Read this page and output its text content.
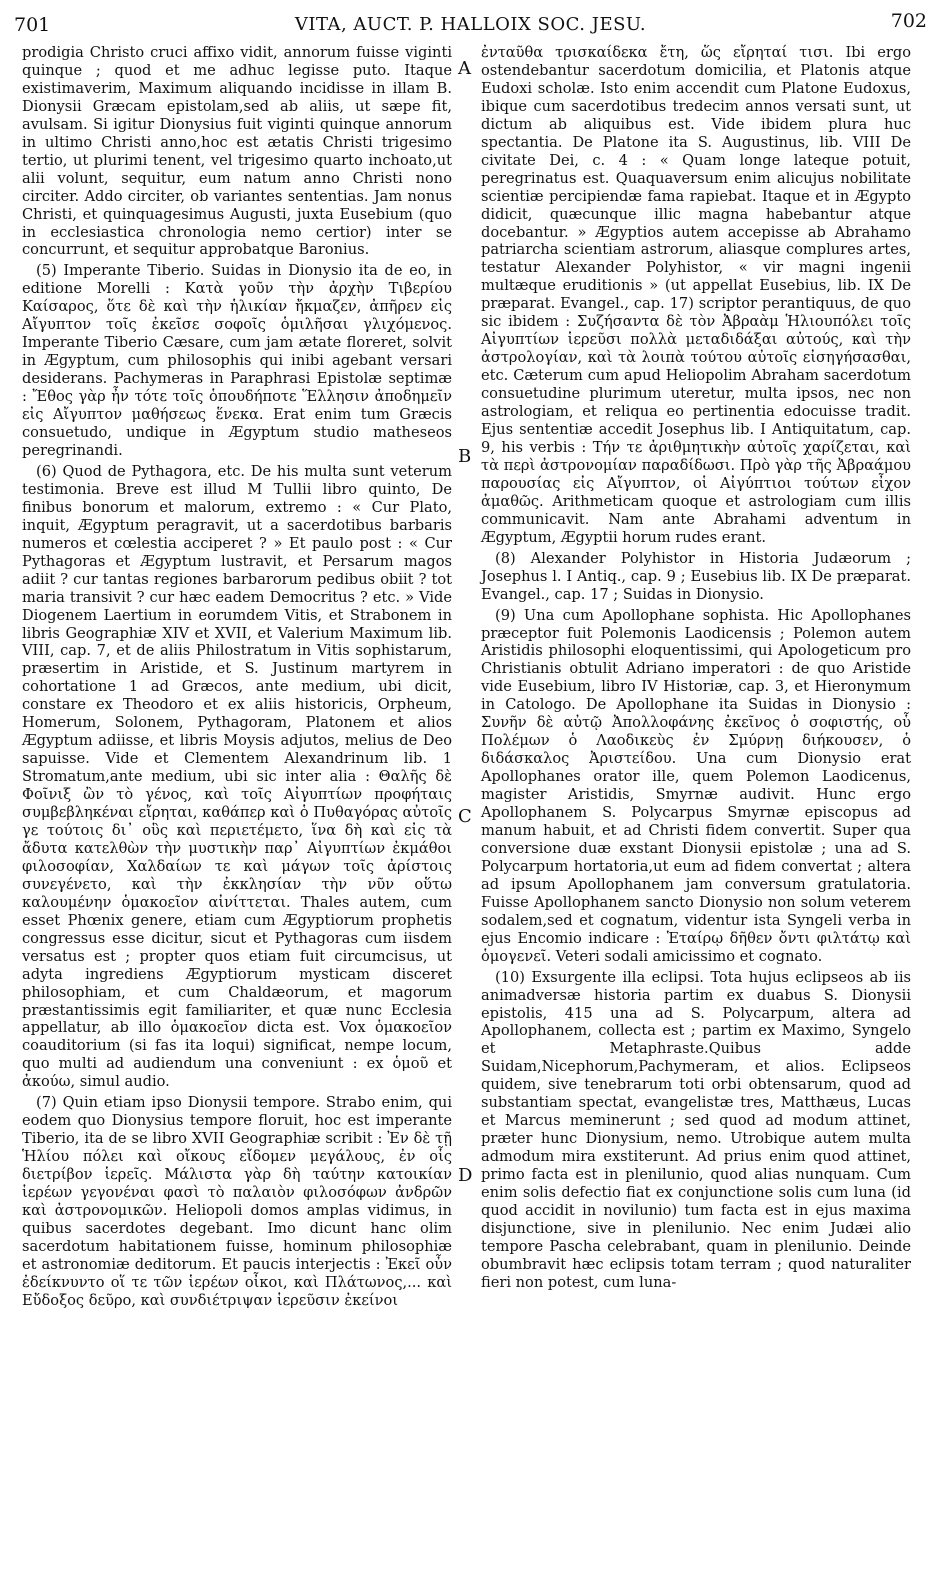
701	VITA, AUCT. P. HALLOIX SOC. JESU.	702

prodigia Christo cruci affixo vidit, annorum fuisse viginti quinque ; quod et me adhuc legisse puto. Itaque existimaverim, Maximum aliquando incidisse in illam B. Dionysii Græcam epistolam,sed ab aliis, ut sæpe fit, avulsam. Si igitur Dionysius fuit viginti quinque annorum in ultimo Christi anno,hoc est ætatis Christi trigesimo tertio, ut plurimi tenent, vel trigesimo quarto inchoato,ut alii volunt, sequitur, eum natum anno Christi nono circiter. Addo circiter, ob variantes sententias. Jam nonus Christi, et quinquagesimus Augusti, juxta Eusebium (quo in ecclesiastica chronologia nemo certior) inter se concurrunt, et sequitur approbatque Baronius.

(5) Imperante Tiberio. Suidas in Dionysio ita de eo, in editione Morelli : Κατὰ γοῦν τὴν ἀρχὴν Τιβερίου Καίσαρος, ὅτε δὲ καὶ τὴν ἡλικίαν ἤκμαζεν, ἀπῆρεν εἰς Αἴγυπτον τοῖς ἐκεῖσε σοφοῖς ὁμιλῆσαι γλιχόμενος. Imperante Tiberio Cæsare, cum jam ætate floreret, solvit in Ægyptum, cum philosophis qui inibi agebant versari desiderans. Pachymeras in Paraphrasi Epistolæ septimæ : Ἔθος γὰρ ἦν τότε τοῖς ὁπουδήποτε Ἕλλησιν ἀποδημεῖν εἰς Αἴγυπτον μαθήσεως ἕνεκα. Erat enim tum Græcis consuetudo, undique in Ægyptum studio matheseos peregrinandi.

(6) Quod de Pythagora, etc. De his multa sunt veterum testimonia. Breve est illud M Tullii libro quinto, De finibus bonorum et malorum, extremo : « Cur Plato, inquit, Ægyptum peragravit, ut a sacerdotibus barbaris numeros et cœlestia acciperet ? » Et paulo post : « Cur Pythagoras et Ægyptum lustravit, et Persarum magos adiit ? cur tantas regiones barbarorum pedibus obiit ? tot maria transivit ? cur hæc eadem Democritus ? etc. » Vide Diogenem Laertium in eorumdem Vitis, et Strabonem in libris Geographiæ XIV et XVII, et Valerium Maximum lib. VIII, cap. 7, et de aliis Philostratum in Vitis sophistarum, præsertim in Aristide, et S. Justinum martyrem in cohortatione 1 ad Græcos, ante medium, ubi dicit, constare ex Theodoro et ex aliis historicis, Orpheum, Homerum, Solonem, Pythagoram, Platonem et alios Ægyptum adiisse, et libris Moysis adjutos, melius de Deo sapuisse. Vide et Clementem Alexandrinum lib. 1 Stromatum,ante medium, ubi sic inter alia : Θαλῆς δὲ Φοῖνιξ ὢν τὸ γένος, καὶ τοῖς Αἰγυπτίων προφήταις συμβεβληκέναι εἴρηται, καθάπερ καὶ ὁ Πυθαγόρας αὐτοῖς γε τούτοις δι᾽ οὓς καὶ περιετέμετο, ἵνα δὴ καὶ εἰς τὰ ἄδυτα κατελθὼν τὴν μυστικὴν παρ᾽ Αἰγυπτίων ἐκμάθοι φιλοσοφίαν, Χαλδαίων τε καὶ μάγων τοῖς ἀρίστοις συνεγένετο, καὶ τὴν ἐκκλησίαν τὴν νῦν οὕτω καλουμένην ὁμακοεῖον αἰνίττεται. Thales autem, cum esset Phœnix genere, etiam cum Ægyptiorum prophetis congressus esse dicitur, sicut et Pythagoras cum iisdem versatus est ; propter quos etiam fuit circumcisus, ut adyta ingrediens Ægyptiorum mysticam disceret philosophiam, et cum Chaldæorum, et magorum præstantissimis egit familiariter, et quæ nunc Ecclesia appellatur, ab illo ὁμακοεῖον dicta est. Vox ὁμακοεῖον coauditorium (si fas ita loqui) significat, nempe locum, quo multi ad audiendum una conveniunt : ex ὁμοῦ et ἀκούω, simul audio.

(7) Quin etiam ipso Dionysii tempore. Strabo enim, qui eodem quo Dionysius tempore floruit, hoc est imperante Tiberio, ita de se libro XVII Geographiæ scribit : Ἐν δὲ τῇ Ἡλίου πόλει καὶ οἴκους εἴδομεν μεγάλους, ἐν οἷς διετρίβον ἱερεῖς. Μάλιστα γὰρ δὴ ταύτην κατοικίαν ἱερέων γεγονέναι φασὶ τὸ παλαιὸν φιλοσόφων ἀνδρῶν καὶ ἀστρονομικῶν. Heliopoli domos amplas vidimus, in quibus sacerdotes degebant. Imo dicunt hanc olim sacerdotum habitationem fuisse, hominum philosophiæ et astronomiæ deditorum. Et paucis interjectis : Ἐκεῖ οὖν ἐδείκνυντο οἵ τε τῶν ἱερέων οἶκοι, καὶ Πλάτωνος,... καὶ Εὔδοξος δεῦρο, καὶ συνδιέτριψαν ἱερεῦσιν ἐκείνοι

A
B
C
D

ἐνταῦθα τρισκαίδεκα ἔτη, ὥς εἴρηταί τισι. Ibi ergo ostendebantur sacerdotum domicilia, et Platonis atque Eudoxi scholæ. Isto enim accendit cum Platone Eudoxus, ibique cum sacerdotibus tredecim annos versati sunt, ut dictum ab aliquibus est. Vide ibidem plura huc spectantia. De Platone ita S. Augustinus, lib. VIII De civitate Dei, c. 4 : « Quam longe lateque potuit, peregrinatus est. Quaquaversum enim alicujus nobilitate scientiæ percipiendæ fama rapiebat. Itaque et in Ægypto didicit, quæcunque illic magna habebantur atque docebantur. » Ægyptios autem accepisse ab Abrahamo patriarcha scientiam astrorum, aliasque complures artes, testatur Alexander Polyhistor, « vir magni ingenii multæque eruditionis » (ut appellat Eusebius, lib. IX De præparat. Evangel., cap. 17) scriptor perantiquus, de quo sic ibidem : Συζήσαντα δὲ τὸν Ἀβραὰμ Ἡλιουπόλει τοῖς Αἰγυπτίων ἱερεῦσι πολλὰ μεταδιδάξαι αὐτούς, καὶ τὴν ἀστρολογίαν, καὶ τὰ λοιπὰ τούτου αὐτοῖς εἰσηγήσασθαι, etc. Cæterum cum apud Heliopolim Abraham sacerdotum consuetudine plurimum uteretur, multa ipsos, nec non astrologiam, et reliqua eo pertinentia edocuisse tradit. Ejus sententiæ accedit Josephus lib. I Antiquitatum, cap. 9, his verbis : Τήν τε ἀριθμητικὴν αὐτοῖς χαρίζεται, καὶ τὰ περὶ ἀστρονομίαν παραδίδωσι. Πρὸ γὰρ τῆς Ἀβραάμου παρουσίας εἰς Αἴγυπτον, οἱ Αἰγύπτιοι τούτων εἶχον ἀμαθῶς. Arithmeticam quoque et astrologiam cum illis communicavit. Nam ante Abrahami adventum in Ægyptum, Ægyptii horum rudes erant.

(8) Alexander Polyhistor in Historia Judæorum ; Josephus l. I Antiq., cap. 9 ; Eusebius lib. IX De præparat. Evangel., cap. 17 ; Suidas in Dionysio.

(9) Una cum Apollophane sophista. Hic Apollophanes præceptor fuit Polemonis Laodicensis ; Polemon autem Aristidis philosophi eloquentissimi, qui Apologeticum pro Christianis obtulit Adriano imperatori : de quo Aristide vide Eusebium, libro IV Historiæ, cap. 3, et Hieronymum in Catologo. De Apollophane ita Suidas in Dionysio : Συνῆν δὲ αὐτῷ Ἀπολλοφάνης ἐκεῖνος ὁ σοφιστής, οὗ Πολέμων ὁ Λαοδικεὺς ἐν Σμύρνῃ διήκουσεν, ὁ διδάσκαλος Ἀριστείδου. Una cum Dionysio erat Apollophanes orator ille, quem Polemon Laodicenus, magister Aristidis, Smyrnæ audivit. Hunc ergo Apollophanem S. Polycarpus Smyrnæ episcopus ad manum habuit, et ad Christi fidem convertit. Super qua conversione duæ exstant Dionysii epistolæ ; una ad S. Polycarpum hortatoria,ut eum ad fidem convertat ; altera ad ipsum Apollophanem jam conversum gratulatoria. Fuisse Apollophanem sancto Dionysio non solum veterem sodalem,sed et cognatum, videntur ista Syngeli verba in ejus Encomio indicare : Ἑταίρῳ δῆθεν ὄντι φιλτάτῳ καὶ ὁμογενεῖ. Veteri sodali amicissimo et cognato.

(10) Exsurgente illa eclipsi. Tota hujus eclipseos ab iis animadversæ historia partim ex duabus S. Dionysii epistolis, 415 una ad S. Polycarpum, altera ad Apollophanem, collecta est ; partim ex Maximo, Syngelo et Metaphraste.Quibus adde Suidam,Nicephorum,Pachymeram, et alios. Eclipseos quidem, sive tenebrarum toti orbi obtensarum, quod ad substantiam spectat, evangelistæ tres, Matthæus, Lucas et Marcus meminerunt ; sed quod ad modum attinet, præter hunc Dionysium, nemo. Utrobique autem multa admodum mira exstiterunt. Ad prius enim quod attinet, primo facta est in plenilunio, quod alias nunquam. Cum enim solis defectio fiat ex conjunctione solis cum luna (id quod accidit in novilunio) tum facta est in ejus maxima disjunctione, sive in plenilunio. Nec enim Judæi alio tempore Pascha celebrabant, quam in plenilunio. Deinde obumbravit hæc eclipsis totam terram ; quod naturaliter fieri non potest, cum luna-
